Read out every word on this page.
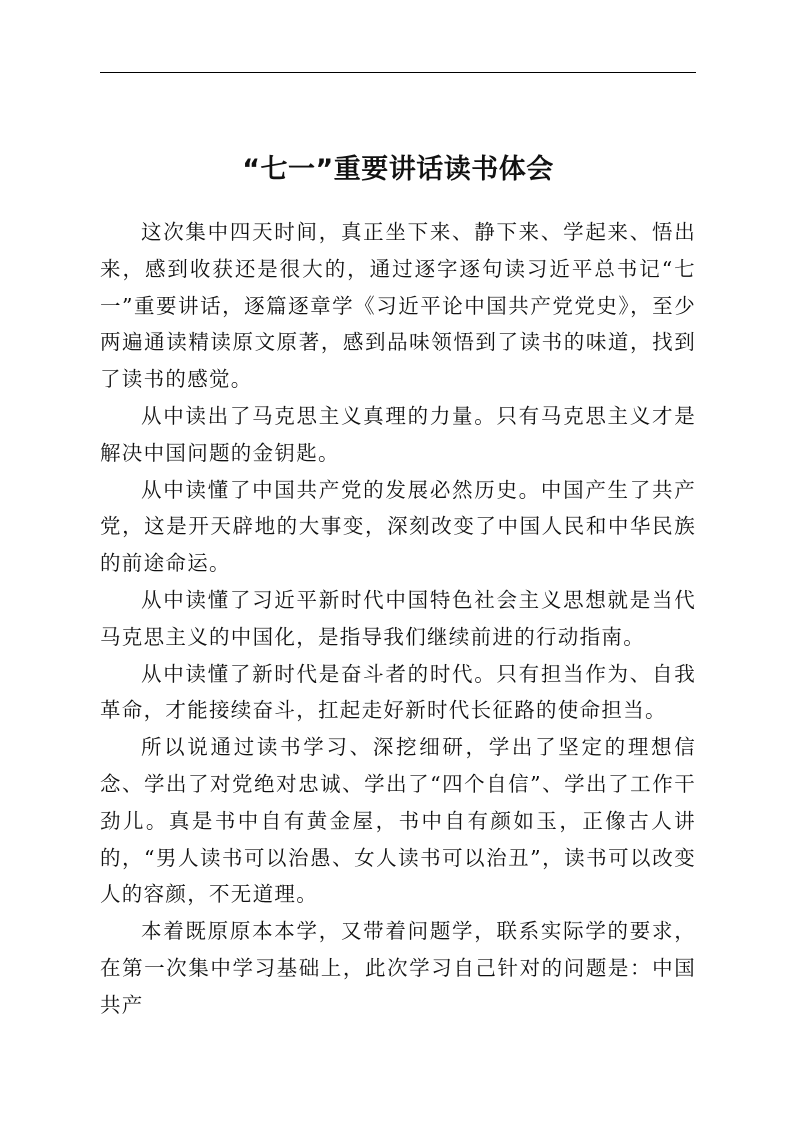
“七一”重要讲话读书体会

这次集中四天时间，真正坐下来、静下来、学起来、悟出来，感到收获还是很大的，通过逐字逐句读习近平总书记“七一”重要讲话，逐篇逐章学《习近平论中国共产党党史》，至少两遍通读精读原文原著，感到品味领悟到了读书的味道，找到了读书的感觉。

从中读出了马克思主义真理的力量。只有马克思主义才是解决中国问题的金钥匙。

从中读懂了中国共产党的发展必然历史。中国产生了共产党，这是开天辟地的大事变，深刻改变了中国人民和中华民族的前途命运。

从中读懂了习近平新时代中国特色社会主义思想就是当代马克思主义的中国化，是指导我们继续前进的行动指南。

从中读懂了新时代是奋斗者的时代。只有担当作为、自我革命，才能接续奋斗，扛起走好新时代长征路的使命担当。

所以说通过读书学习、深挖细研，学出了坚定的理想信念、学出了对党绝对忠诚、学出了“四个自信”、学出了工作干劲儿。真是书中自有黄金屋，书中自有颜如玉，正像古人讲的，“男人读书可以治愚、女人读书可以治丑”，读书可以改变人的容颜，不无道理。

本着既原原本本学，又带着问题学，联系实际学的要求，在第一次集中学习基础上，此次学习自己针对的问题是：中国共产
